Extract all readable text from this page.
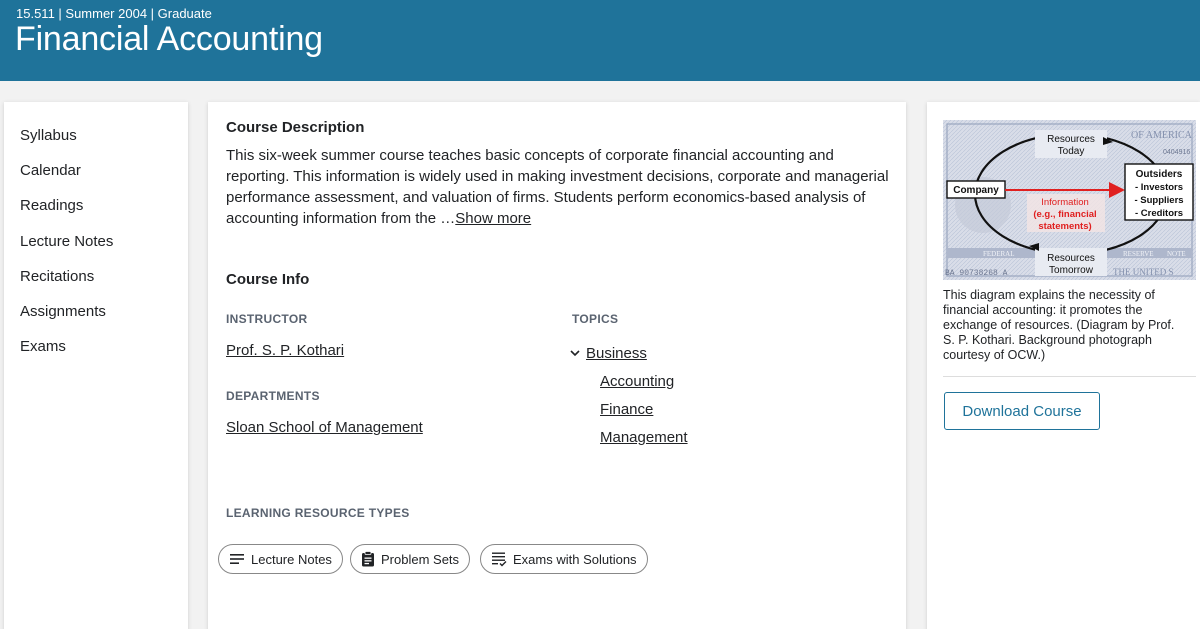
15.511 | Summer 2004 | Graduate
Financial Accounting
Syllabus
Calendar
Readings
Lecture Notes
Recitations
Assignments
Exams
Course Description
This six-week summer course teaches basic concepts of corporate financial accounting and reporting. This information is widely used in making investment decisions, corporate and managerial performance assessment, and valuation of firms. Students perform economics-based analysis of accounting information from the …Show more
Course Info
INSTRUCTOR
Prof. S. P. Kothari
DEPARTMENTS
Sloan School of Management
TOPICS
Business
Accounting
Finance
Management
LEARNING RESOURCE TYPES
Lecture Notes	Problem Sets	Exams with Solutions
OF AMERICA
0404916
FEDERAL	RESERVE NOTE
BA 90738268 A	THE UNITED S
Resources
Today
Company
Information
(e.g., financial
statements)
Outsiders
- Investors
- Suppliers
- Creditors
Resources
Tomorrow
This diagram explains the necessity of financial accounting: it promotes the exchange of resources. (Diagram by Prof. S. P. Kothari. Background photograph courtesy of OCW.)
Download Course
